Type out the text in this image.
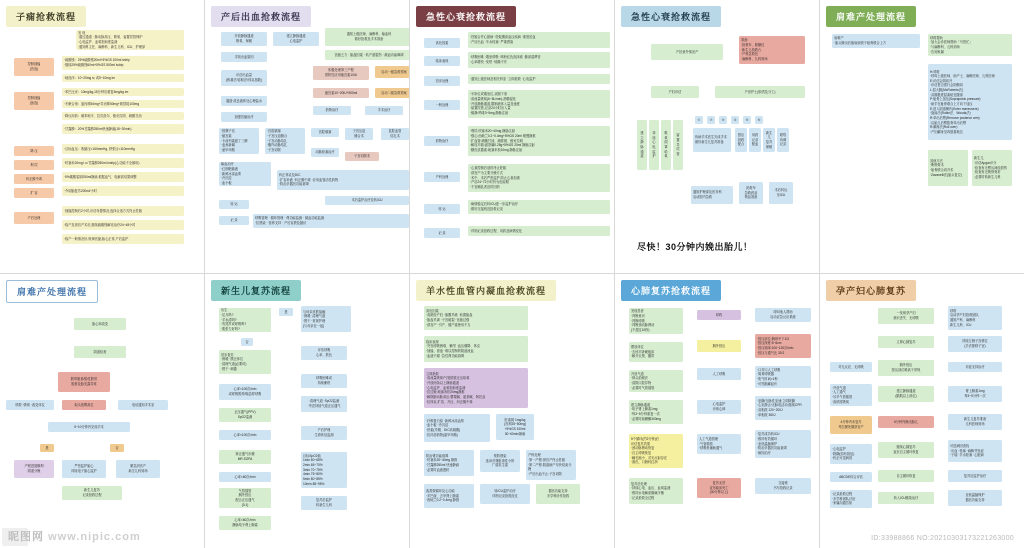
昵图网 www.nipic.com	ID:33988866 NO:20210303173221263000
子痫抢救流程
发 现
·通过通道 · 肺动脉高压、吸氧、留置尿管保护
·心电监护、血氧饱和度监测
·通知科主任、麻醉科、新生儿科、ICU、护理部
控制抽搐
(首选)
·硫酸镁：25%硫酸镁20ml+5%GS 100ml ivdrip
·继续25%硫酸镁60ml+5%GS 500ml ivdrip
·地西泮：10~20mg iv, 或5~10mg im
控制抽搐
(备选)
·苯巴比妥：10mg/kg,15分钟后重复5mg/kg im
·冬眠合剂：氯丙嗪50mg+异丙嗪50mg+哌替啶100mg
·降压用药：硝苯地平、拉贝洛尔、酚妥拉明、硝酸甘油
·甘露醇：20%甘露醇250ml快速静滴(15~20min)
降 压	·目标血压：收缩压<160mmHg, 舒张压<110mmHg
利 尿	·呋塞米20mg i.v./甘露醇250ml ivdrip(心功能不全慎用)
纠正酸中毒	·5%碳酸氢钠250ml静滴,根据血气、电解质结果调整
扩 容	·介绍脑复苏200ml/小时
产后处理
·抽搐控制后2小时,评估母婴情况,选择合适方式终止妊娠
·临产及剖宫产术后,继续硫酸镁解痉治疗24~48小时
·临产一般情况好,规律宫缩,胎心正常,产后监护
产后出血抢救流程
开放静脉通道
吸氧、保暖
建立静脉通道
心电监护
通知上级医师、麻醉科、输血科
做好抢救及手术准备
寻找出血原因	宫缩乏力 · 胎盘因素 · 软产道裂伤 · 凝血功能障碍
评估出血量
(称重法/容积法/休克指数)
积极处理第三产程
预防性应用缩宫素10IU
启动一级急救预案
通道·改良液体处心理盐水
缩宫素10~20IU+500ml	启动二级急救预案
加强宫缩治疗
药物治疗	手术治疗
·按摩子宫
·缩宫素
·卡前列素氨丁三醇
·麦角新碱
·氨甲环酸
·宫腔填塞
·子宫压迫缝合
·子宫动脉结扎
·髂内动脉结扎
·子宫切除
宫腔填塞	子宫压迫
缝合术
盆腔血管
结扎术
输血治疗
·红细胞悬液
·新鲜冰冻血浆
·冷沉淀
·血小板
动脉栓塞治疗
子宫切除术
纠正休克及DIC
·扩容补液 ·纠正酸中毒 ·应用血管活性药物
·防治多器官功能衰竭
转 运
术后监护治疗及转ICU
记 录	呼吸管理 · 循环管理 · 肾功能监测 · 凝血功能监测
·抗感染 · 营养支持 · 产后宣教及随访
急性心衰抢救流程
高危因素
·妊娠合并心脏病 ·妊娠期高血压疾病 ·重度贫血
·产后出血 ·羊水栓塞 ·严重感染
临床表现
·呼吸困难 ·端坐呼吸 ·咳粉红色泡沫痰 ·肺部湿啰音
·心率增快 ·发绀 ·烦躁不安
初步处理	·通知上级医师及相关科室 ·立即抢救 ·心电监护
一般处理
·半卧位或端坐位,双腿下垂
·高流量吸氧(6~8L/min),酒精湿化
·开放静脉通道,限制液体入量及速度
·留置尿管,记录24小时出入量
·镇静:吗啡3~5mg 静脉注射
药物治疗
·利尿:呋塞米20~40mg 静脉注射
·强心:西地兰0.2~0.4mg+5%GS 20ml 缓慢静推
·扩血管:硝酸甘油、硝普钠、酚妥拉明
·解痉平喘:氨茶碱0.25g+5%GS 20ml 静脉注射
·糖皮质激素:地塞米松10mg 静脉注射
产科处理
·心衰控制后适时终止妊娠
·剖宫产为主要分娩方式
·术中、术后严密监护,防止心衰加重
·产后24~72小时仍为危险期
·不宜哺乳者及时回奶
转 运
·病情稳定后转ICU进一步监护治疗
·做好交接班及抢救记录
记 录	·详细记录抢救过程、用药及病情变化
急性心衰抢救流程
产妇意外情况产
准备:
·抢救车、除颤仪
·新生儿抢救台
·产科急救包
·麻醉科、儿科到场
产妇评估	产房护士(职责及分工)
建立
静脉
通道
持续
心电
监护
吸氧
面罩
给氧
留置
导尿
管
①	②	③	④	⑤	⑥
协助手术医生完成手术
做好新生儿复苏准备
按压
抢救
配合
用药
记录
配血
新生儿
复苏
保暖
联络
协调
记录
通知护理部及医务科
启动院内急救
抢救车
急救药品
物品准备
术后转运
至ICU
尽快！30分钟内娩出胎儿！
肩难产处理流程
肩难产
·胎头娩出后胎肩嵌顿于耻骨联合上方
呼救帮助
·加大会诊医师帮助「马伯忙」
·与麻醉科、儿科到场
·告知家属
H:呼救
·呼叫上级医师、助产士、麻醉医师、儿科医师
E:评估会阴切开
·评估是否需行会阴侧切
L:屈大腿(McRoberts法)
·双腿极度屈曲贴近腹部
P:耻骨上加压(Suprapubic pressure)
·助手在耻骨联合上方向下加压
E:进入阴道操作(Enter maneuvers)
·旋肩法(Rubin法、Woods法)
R:牵出后臂(Remove posterior arm)
·沿胎儿后臂肱骨牵出后臂
R:翻身法(Roll over)
·产妇翻身呈四肢着地位
其他方法
·断锁骨术
·耻骨联合切开术
·Zavanelli法(胎头复位)
新生儿
·评估Apgar评分
·检查有无臂丛神经损伤
·检查有无锁骨骨折
·必要时转新生儿科
肩难产处理流程
胎心率改变
阴道检查
脐带脱垂/隐性脐带
脱垂及胎先露异常
呼救 ·吸氧 ·改变体位	取头低臀高位	电话通知手术室
5~10分钟内完成手术
是	否
产程进展顺利
阴道分娩
严密监护胎心
持续电子胎心监护
紧急剖宫产
新生儿科到场
新生儿复苏
记录抢救过程
新生儿复苏流程
出生
·足月吗?
·羊水清吗?
·有哭声或呼吸吗?
·肌张力好吗?
是	与母亲皮肤接触
·保暖 ·清理气道
·擦干 ·常规护理
(与母亲在一起)
否
初步复苏
·保暖 ·摆正体位
·清理气道(必要时)
·擦干 ·刺激
评估呼吸
心率、肤色
心率<100次/min
或呼吸暂停/喘息样呼吸
呼吸困难或
持续紫绀
正压通气(PPV)
SpO2监测
·清理气道 ·SpO2监测
·考虑持续气道正压通气
心率<100次/min
矫正通气步骤
MR.SOPA
产后护理
生命体征监测
心率<60次/min
气管插管
胸外按压
配合正压通气
(3:1)
目标SpO2值
1min 60~65%
2min 65~70%
3min 70~75%
4min 75~80%
5min 80~85%
10min 85~95%
心率<60次/min
静脉给予肾上腺素
复苏后监护
转新生儿科
羊水性血管内凝血抢救流程
高危因素
·高龄经产妇 ·胎膜早破 ·前置胎盘
·胎盘早剥 ·子宫破裂 ·宫缩过强
·剖宫产 ·引产、催产素使用不当
临床表现
·突发呼吸困难、紫绀 ·血压骤降、休克
·抽搐、昏迷 ·难以控制的阴道流血
·血液不凝 ·急性肾功能衰竭
立即抢救
·高流量吸氧/气管插管正压给氧
·开放两条以上静脉通道
·心电监护、血氧饱和度监测
·抗过敏:地塞米松20mg静推
·解除肺动脉高压:罂粟碱、氨茶碱、阿托品
·抗休克:扩容、升压、纠正酸中毒
·纤维蛋白原 ·新鲜冰冻血浆
·血小板 ·冷沉淀
·肝素(早期、DIC高凝期)
·抗纤溶药物(氨甲环酸)
肝素钠 1mg/kg
(首剂25~50mg)
+5%GS 100ml
30~60min静滴
防治肾功能衰竭
·呋塞米20~40mg 静推
·甘露醇250ml 快速静滴
·必要时血液透析
预防感染
选用对肾脏毒性小的
广谱抗生素
产科处理
·第一产程:剖宫产终止妊娠
·第二产程:阴道助产尽快结束分娩
·产后出血不止:子宫切除
改善微循环及心功能
·多巴胺、去甲肾上腺素
·西地兰0.2~0.4mg 静推
转ICU监护治疗
详细记录抢救经过
器官功能支持
多学科协作抢救
心肺复苏抢救流程
发现患者
·判断意识
·判断呼吸
·判断颈动脉搏动
(不超过10秒)
呼救
呼叫他人帮助
启动应急反应系统
摆放体位
·去枕平卧硬板床
·解开衣领、腰带
胸外按压
·按压部位:胸骨中下1/3
·按压深度:5~6cm
·按压频率:100~120次/min
·按压与通气比 30:2
开放气道
·仰头抬颏法
·清除口腔异物
·必要时气管插管
人工呼吸
·口对口人工呼吸
·简易呼吸器
·吹气时间>1秒
·可见胸廓起伏
建立静脉通道
·给予肾上腺素1mg
·每3~5分钟重复一次
·必要时胺碘酮300mg
心电监护
识别心律
·室颤/无脉性室速:立即除颤
·心室静止/无脉电活动:继续CPR
·双相波 120~200J
·单相波 360J
5个循环(约2分钟)后
评估复苏效果
·颈动脉搏动恢复
·自主呼吸恢复
·瞳孔缩小、对光反射存在
·面色、口唇转红润
人工气道管理
·气管插管
·呼吸机辅助通气
·复苏成功转ICU
·维持有效循环
·亚低温脑保护
·防治多器官功能衰竭
·病因治疗
复苏后处理
·持续心电、血压、血氧监测
·维持水电解质酸碱平衡
·记录抢救全过程
复苏无效
宣布临床死亡
(30分钟以上)
交接班
书写抢救记录
孕产妇心肺复苏
一发现孕产妇
意识丧失、无呼吸
呼救
启动孕产妇抢救团队
通知产科、麻醉科
新生儿科、ICU
立即心肺复苏	持续左侧子宫移位
(手法推移子宫)
对无反应、无呼吸	胸外按压
按压部位略高于常规
对症支持治疗
·开放气道
·人工通气
·尽早气管插管
·高浓度吸氧
建立静脉通道
(膈肌以上部位)
肾上腺素1mg
每3~5分钟一次
4分钟内未复苏
考虑濒死期剖宫产
5分钟内娩出胎儿
新生儿复苏准备
儿科医师到场
·心电监护
·除颤(如有指征)
·纠正可逆病因
继续心肺复苏
直至自主循环恢复
可逆病因查找
·出血 ·栓塞 ·麻醉并发症
·子痫 ·羊水栓塞 ·心脏病
ABCDE综合评估	自主循环恢复	复苏后监护治疗
·记录抢救过程
·多学科团队讨论
·家属沟通告知
转入ICU继续治疗
亚低温脑保护
器官功能支持
